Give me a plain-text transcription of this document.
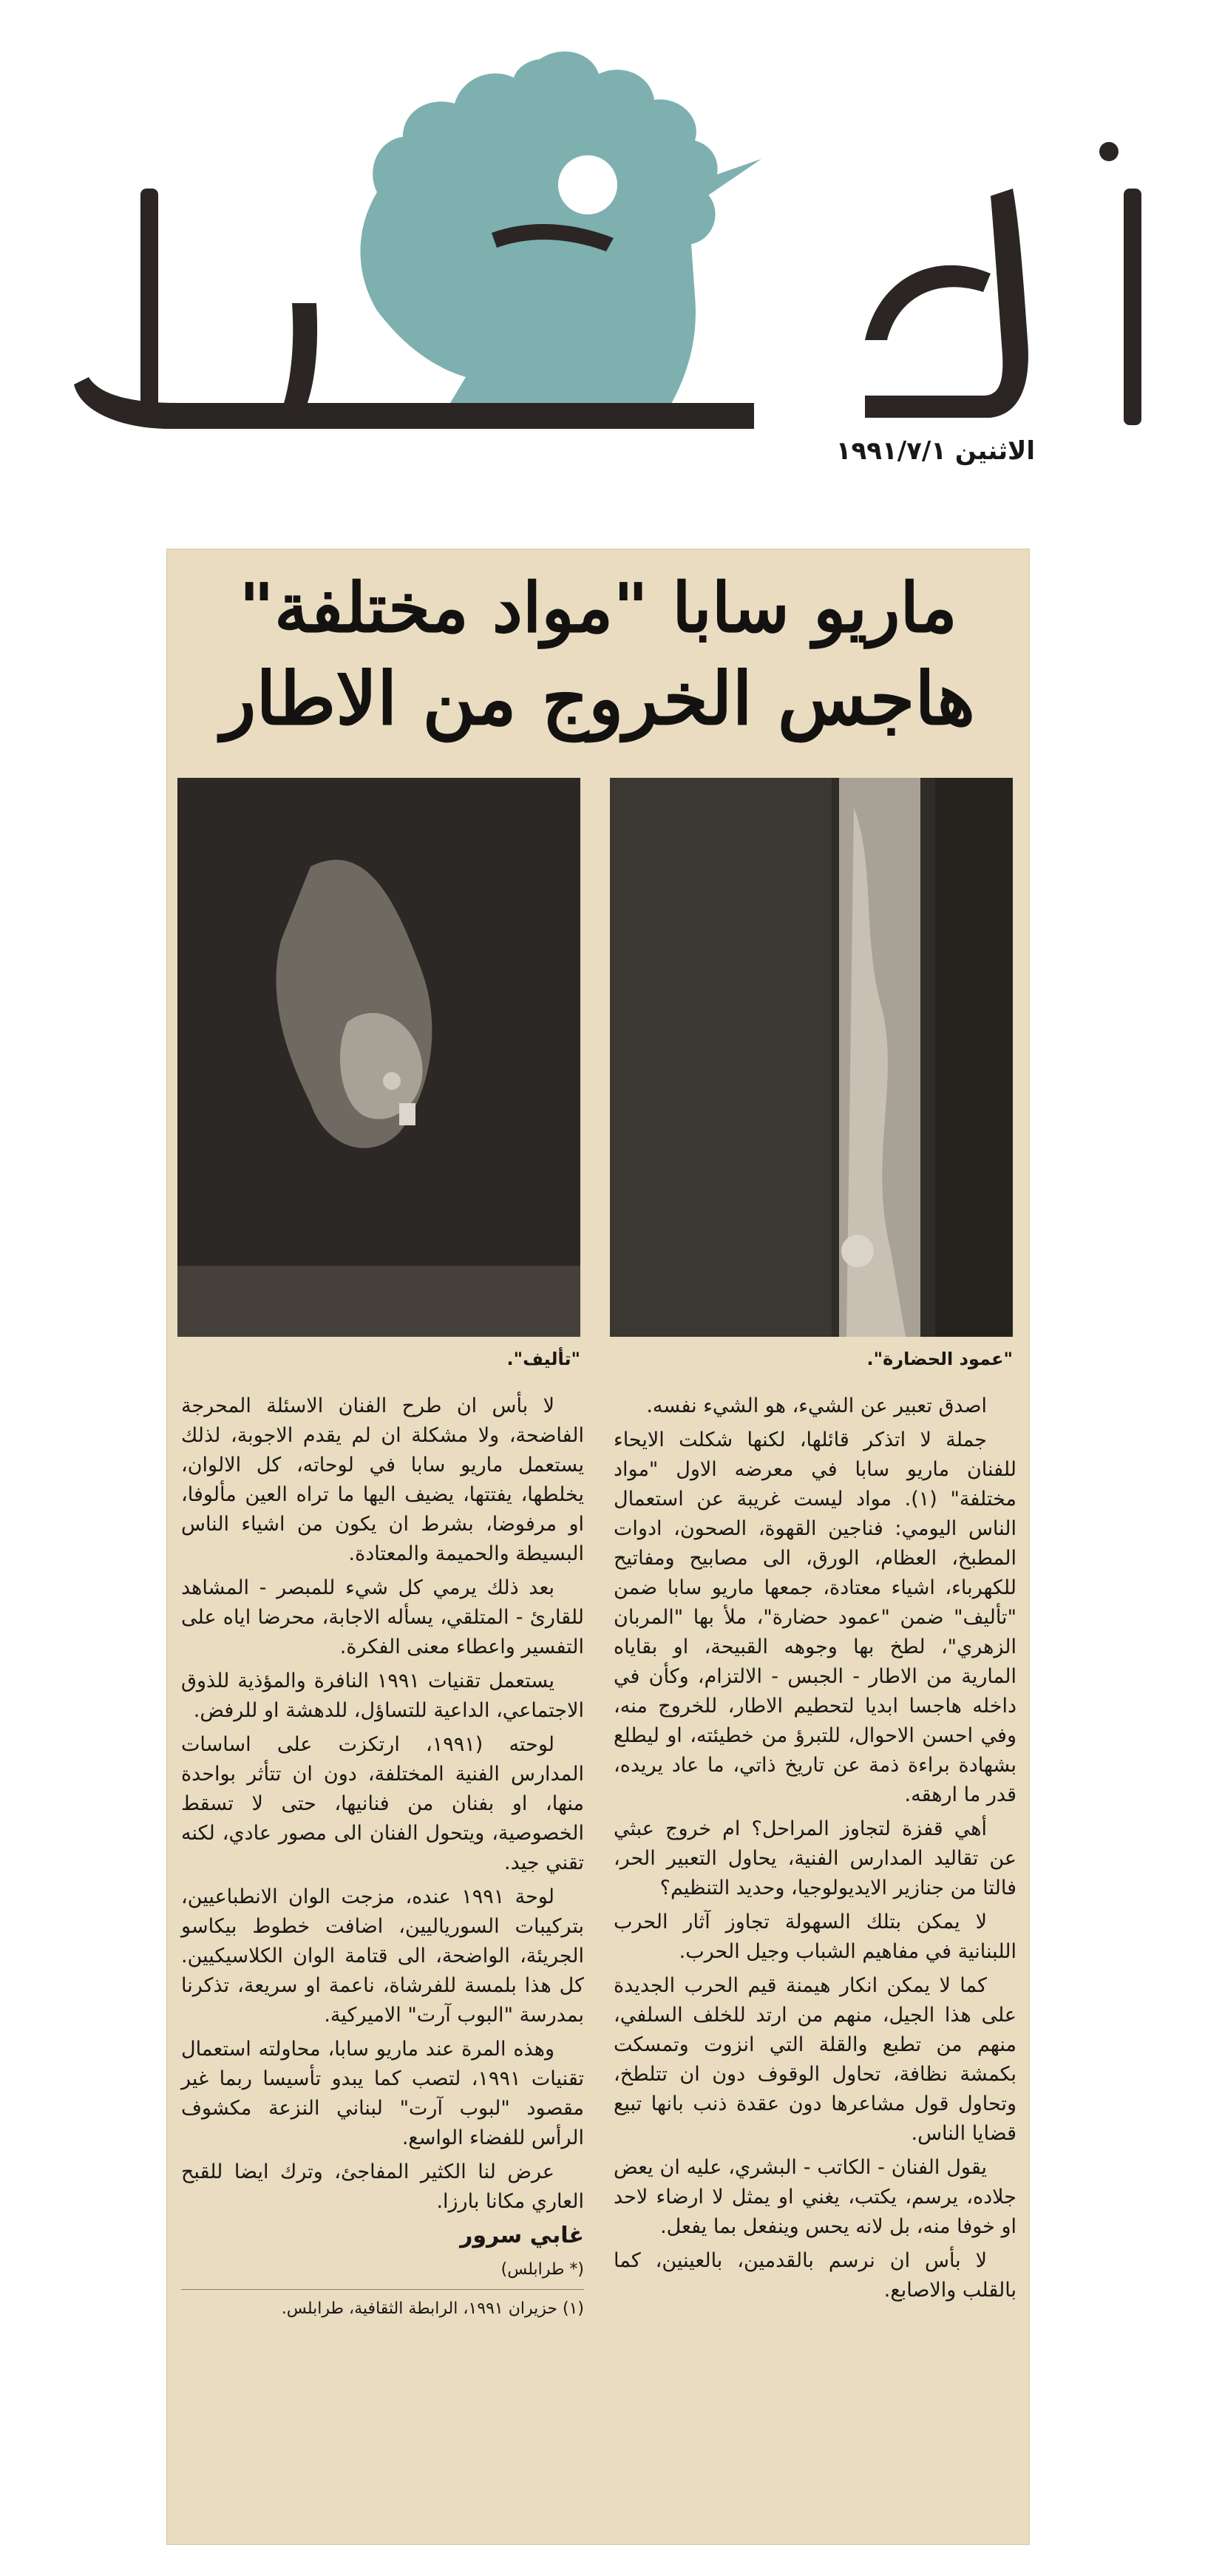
الاثنين ١٩٩١/٧/١
ماريو سابا "مواد مختلفة"
هاجس الخروج من الاطار
"عمود الحضارة".
"تأليف".

اصدق تعبير عن الشيء، هو الشيء نفسه.

جملة لا اتذكر قائلها، لكنها شكلت الايحاء للفنان ماريو سابا في معرضه الاول "مواد مختلفة" (١). مواد ليست غريبة عن استعمال الناس اليومي: فناجين القهوة، الصحون، ادوات المطبخ، العظام، الورق، الى مصابيح ومفاتيح للكهرباء، اشياء معتادة، جمعها ماريو سابا ضمن "تأليف" ضمن "عمود حضارة"، ملأ بها "المربان الزهري"، لطخ بها وجوهه القبيحة، او بقاياه المارية من الاطار - الجبس - الالتزام، وكأن في داخله هاجسا ابديا لتحطيم الاطار، للخروج منه، وفي احسن الاحوال، للتبرؤ من خطيئته، او ليطلع بشهادة براءة ذمة عن تاريخ ذاتي، ما عاد يريده، قدر ما ارهقه.

أهي قفزة لتجاوز المراحل؟ ام خروج عبثي عن تقاليد المدارس الفنية، يحاول التعبير الحر، فالتا من جنازير الايديولوجيا، وحديد التنظيم؟

لا يمكن بتلك السهولة تجاوز آثار الحرب اللبنانية في مفاهيم الشباب وجيل الحرب.

كما لا يمكن انكار هيمنة قيم الحرب الجديدة على هذا الجيل، منهم من ارتد للخلف السلفي، منهم من تطبع والقلة التي انزوت وتمسكت بكمشة نظافة، تحاول الوقوف دون ان تتلطخ، وتحاول قول مشاعرها دون عقدة ذنب بانها تبيع قضايا الناس.

يقول الفنان - الكاتب - البشري، عليه ان يعض جلاده، يرسم، يكتب، يغني او يمثل لا ارضاء لاحد او خوفا منه، بل لانه يحس وينفعل بما يفعل.

لا بأس ان نرسم بالقدمين، بالعينين، كما بالقلب والاصابع.

لا بأس ان طرح الفنان الاسئلة المحرجة الفاضحة، ولا مشكلة ان لم يقدم الاجوبة، لذلك يستعمل ماريو سابا في لوحاته، كل الالوان، يخلطها، يفتتها، يضيف اليها ما تراه العين مألوفا، او مرفوضا، بشرط ان يكون من اشياء الناس البسيطة والحميمة والمعتادة.

بعد ذلك يرمي كل شيء للمبصر - المشاهد للقارئ - المتلقي، يسأله الاجابة، محرضا اياه على التفسير واعطاء معنى الفكرة.

يستعمل تقنيات ١٩٩١ النافرة والمؤذية للذوق الاجتماعي، الداعية للتساؤل، للدهشة او للرفض.

لوحته (١٩٩١، ارتكزت على اساسات المدارس الفنية المختلفة، دون ان تتأثر بواحدة منها، او بفنان من فنانيها، حتى لا تسقط الخصوصية، ويتحول الفنان الى مصور عادي، لكنه تقني جيد.

لوحة ١٩٩١ عنده، مزجت الوان الانطباعيين، بتركيبات السورياليين، اضافت خطوط بيكاسو الجريئة، الواضحة، الى قتامة الوان الكلاسيكيين. كل هذا بلمسة للفرشاة، ناعمة او سريعة، تذكرنا بمدرسة "البوب آرت" الاميركية.

وهذه المرة عند ماريو سابا، محاولته استعمال تقنيات ١٩٩١، لتصب كما يبدو تأسيسا ربما غير مقصود "لبوب آرت" لبناني النزعة مكشوف الرأس للفضاء الواسع.

عرض لنا الكثير المفاجئ، وترك ايضا للقبح العاري مكانا بارزا.

غابي سرور

(* طرابلس)

(١) حزيران ١٩٩١، الرابطة الثقافية، طرابلس.
